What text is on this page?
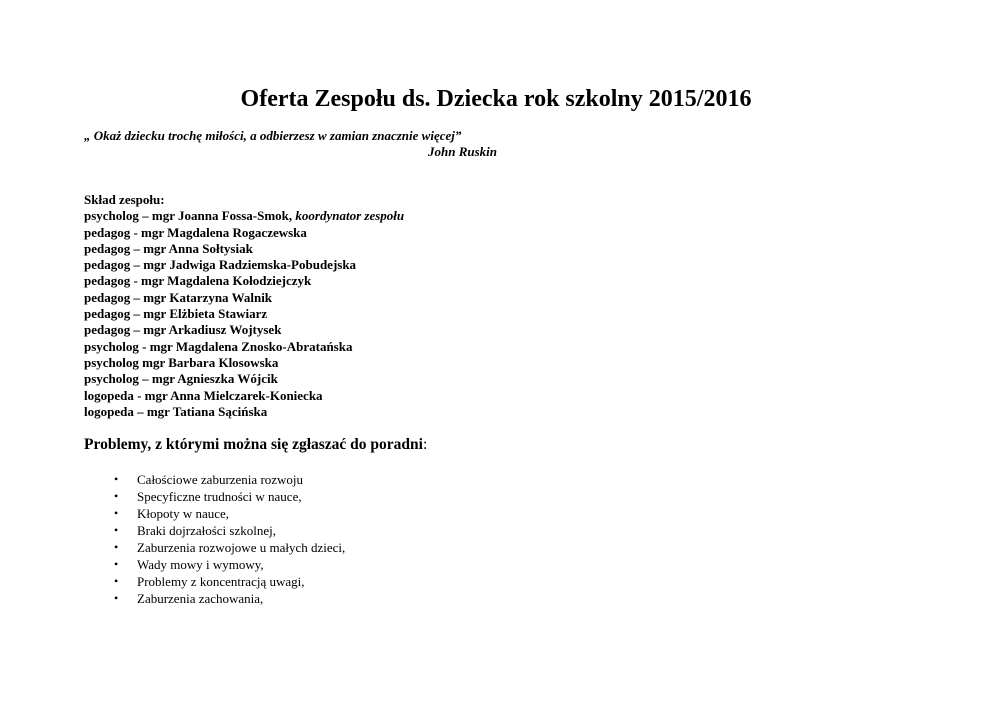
Oferta Zespołu ds. Dziecka rok szkolny 2015/2016

„ Okaż dziecku trochę miłości, a odbierzesz w zamian znacznie więcej”

John Ruskin

Skład zespołu:
psycholog – mgr Joanna Fossa-Smok, koordynator zespołu
pedagog - mgr Magdalena Rogaczewska
pedagog – mgr Anna Sołtysiak
pedagog – mgr Jadwiga Radziemska-Pobudejska
pedagog - mgr Magdalena Kołodziejczyk
pedagog – mgr Katarzyna Walnik
pedagog – mgr Elżbieta Stawiarz
pedagog – mgr Arkadiusz Wojtysek
psycholog - mgr Magdalena Znosko-Abratańska
psycholog mgr Barbara Klosowska
psycholog – mgr Agnieszka Wójcik
logopeda - mgr Anna Mielczarek-Koniecka
logopeda – mgr Tatiana Sącińska

Problemy, z którymi można się zgłaszać do poradni:

• Całościowe zaburzenia rozwoju
• Specyficzne trudności w nauce,
• Kłopoty w nauce,
• Braki dojrzałości szkolnej,
• Zaburzenia rozwojowe u małych dzieci,
• Wady mowy i wymowy,
• Problemy z koncentracją uwagi,
• Zaburzenia zachowania,
